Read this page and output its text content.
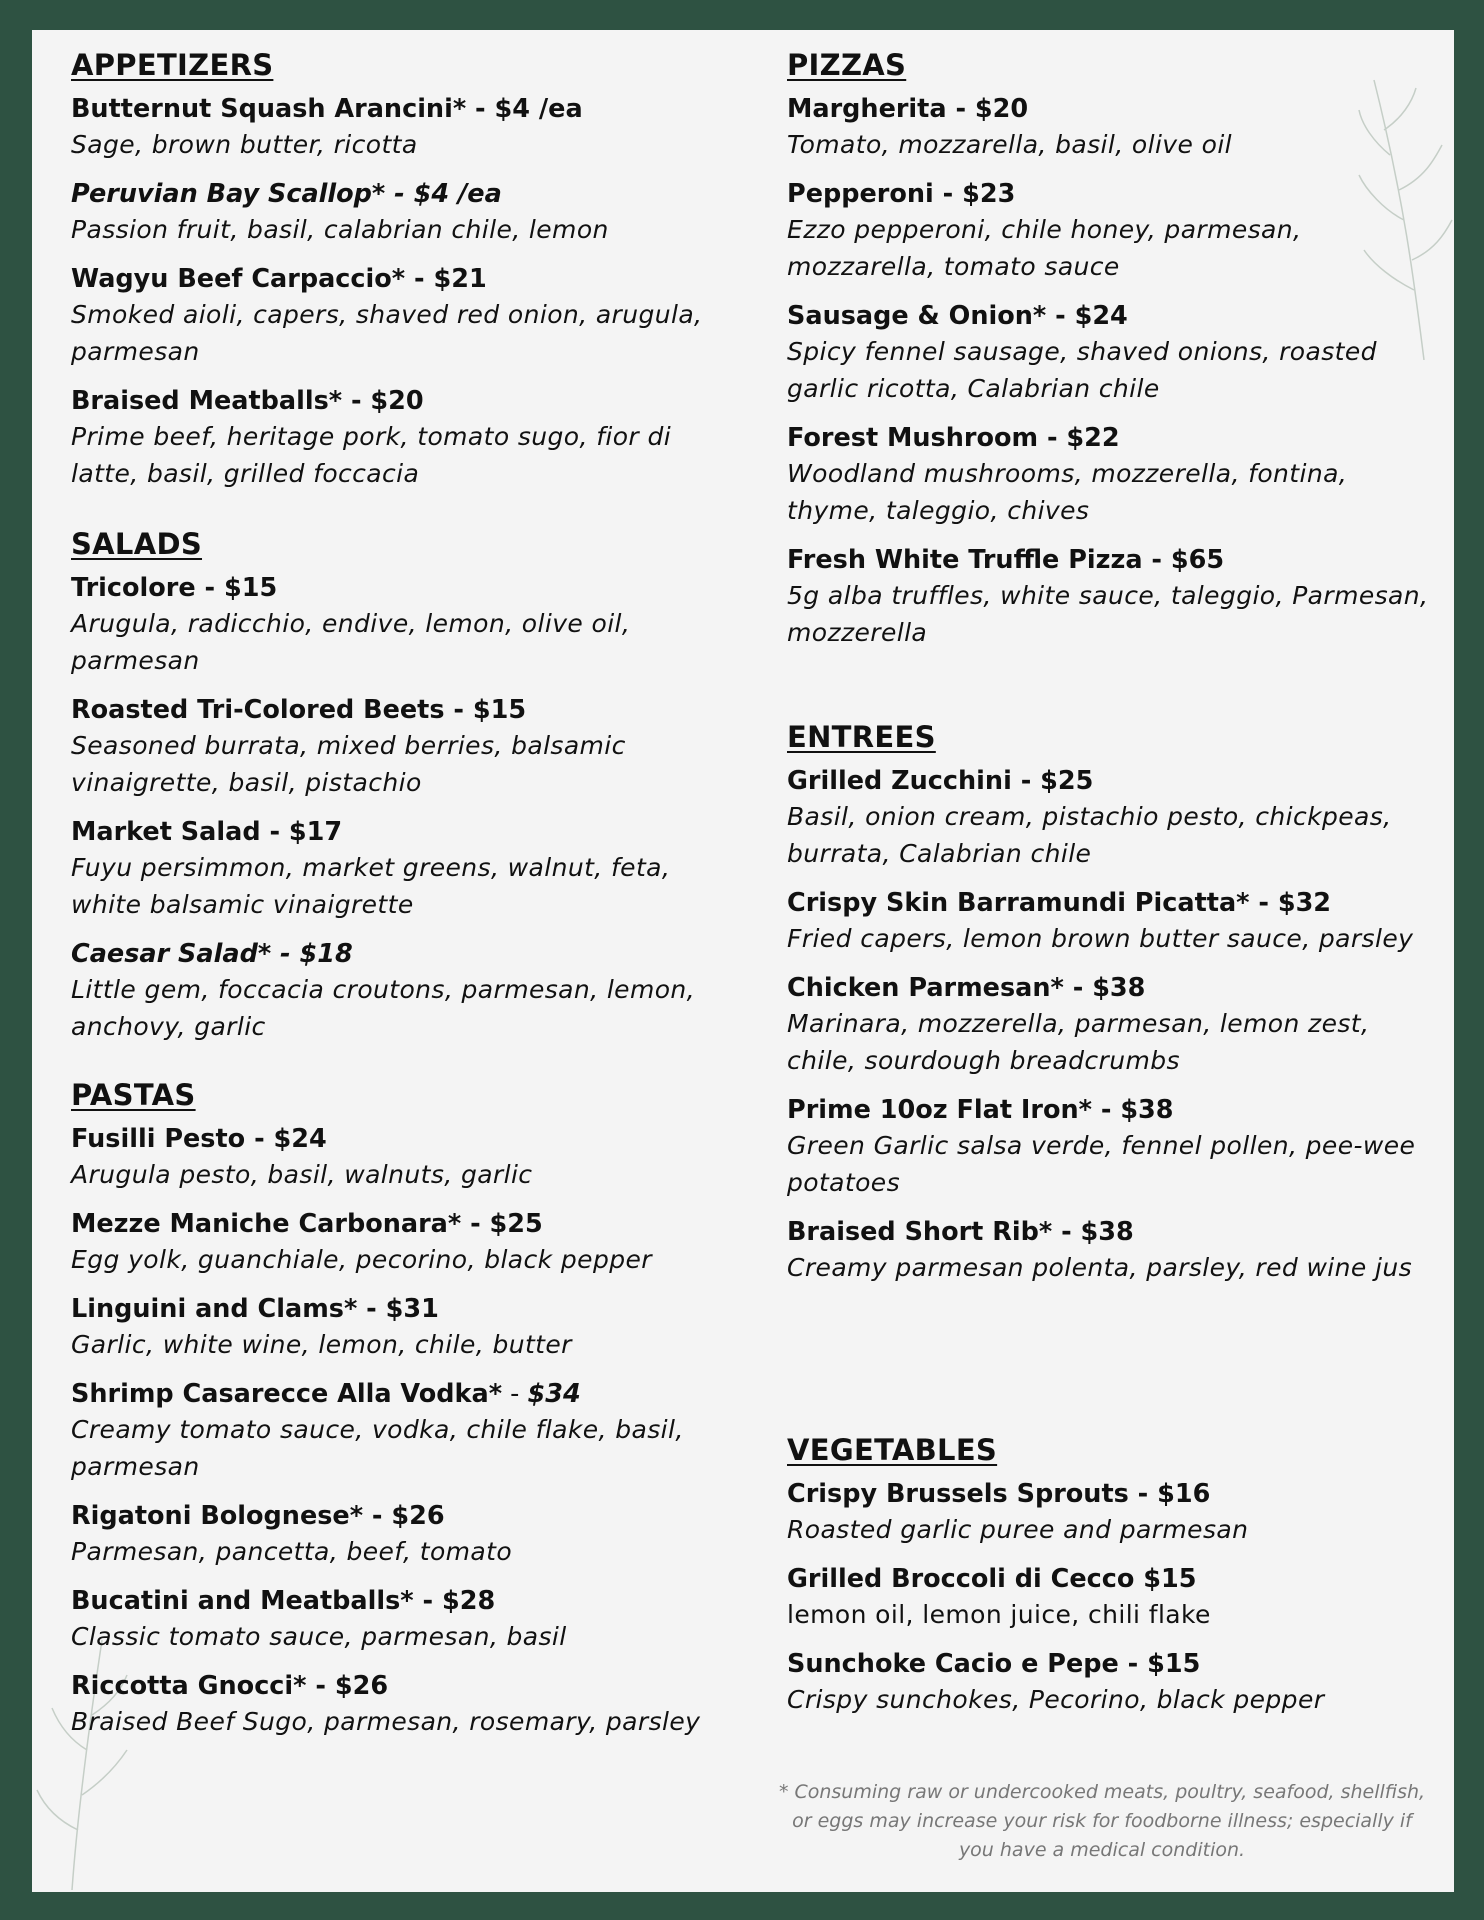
APPETIZERS
Butternut Squash Arancini* - $4 /ea
Sage, brown butter, ricotta
Peruvian Bay Scallop* - $4 /ea
Passion fruit, basil, calabrian chile, lemon
Wagyu Beef Carpaccio* - $21
Smoked aioli, capers, shaved red onion, arugula, parmesan
Braised Meatballs* - $20
Prime beef, heritage pork, tomato sugo, fior di latte, basil, grilled foccacia
SALADS
Tricolore - $15
Arugula, radicchio, endive, lemon, olive oil, parmesan
Roasted Tri-Colored Beets - $15
Seasoned burrata, mixed berries, balsamic vinaigrette, basil, pistachio
Market Salad - $17
Fuyu persimmon, market greens, walnut, feta, white balsamic vinaigrette
Caesar Salad* - $18
Little gem, foccacia croutons, parmesan, lemon, anchovy, garlic
PASTAS
Fusilli Pesto - $24
Arugula pesto, basil, walnuts, garlic
Mezze Maniche Carbonara* - $25
Egg yolk, guanchiale, pecorino, black pepper
Linguini and Clams* - $31
Garlic, white wine, lemon, chile, butter
Shrimp Casarecce Alla Vodka* - $34
Creamy tomato sauce, vodka, chile flake, basil, parmesan
Rigatoni Bolognese* - $26
Parmesan, pancetta, beef, tomato
Bucatini and Meatballs* - $28
Classic tomato sauce, parmesan, basil
Riccotta Gnocci* - $26
Braised Beef Sugo, parmesan, rosemary, parsley
PIZZAS
Margherita - $20
Tomato, mozzarella, basil, olive oil
Pepperoni - $23
Ezzo pepperoni, chile honey, parmesan, mozzarella, tomato sauce
Sausage & Onion* - $24
Spicy fennel sausage, shaved onions, roasted garlic ricotta, Calabrian chile
Forest Mushroom - $22
Woodland mushrooms, mozzerella, fontina, thyme, taleggio, chives
Fresh White Truffle Pizza - $65
5g alba truffles, white sauce, taleggio, Parmesan, mozzerella
ENTREES
Grilled Zucchini - $25
Basil, onion cream, pistachio pesto, chickpeas, burrata, Calabrian chile
Crispy Skin Barramundi Picatta* - $32
Fried capers, lemon brown butter sauce, parsley
Chicken Parmesan* - $38
Marinara, mozzerella, parmesan, lemon zest, chile, sourdough breadcrumbs
Prime 10oz Flat Iron* - $38
Green Garlic salsa verde, fennel pollen, pee-wee potatoes
Braised Short Rib* - $38
Creamy parmesan polenta, parsley, red wine jus
VEGETABLES
Crispy Brussels Sprouts - $16
Roasted garlic puree and parmesan
Grilled Broccoli di Cecco $15
lemon oil, lemon juice, chili flake
Sunchoke Cacio e Pepe - $15
Crispy sunchokes, Pecorino, black pepper
* Consuming raw or undercooked meats, poultry, seafood, shellfish, or eggs may increase your risk for foodborne illness; especially if you have a medical condition.
